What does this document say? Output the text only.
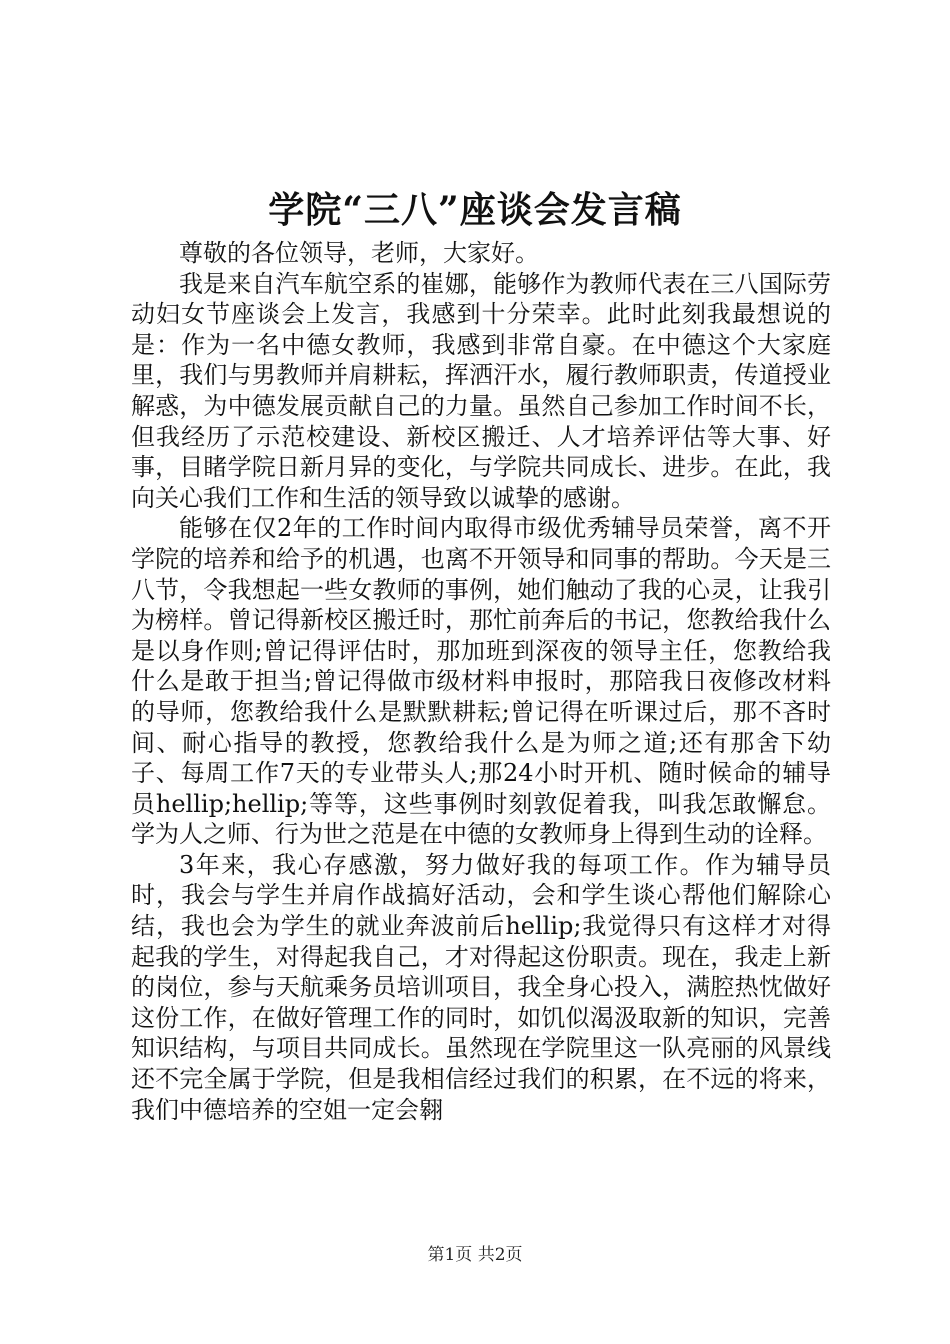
学院“三八”座谈会发言稿

尊敬的各位领导，老师，大家好。

我是来自汽车航空系的崔娜，能够作为教师代表在三八国际劳动妇女节座谈会上发言，我感到十分荣幸。此时此刻我最想说的是：作为一名中德女教师，我感到非常自豪。在中德这个大家庭里，我们与男教师并肩耕耘，挥洒汗水，履行教师职责，传道授业解惑，为中德发展贡献自己的力量。虽然自己参加工作时间不长，但我经历了示范校建设、新校区搬迁、人才培养评估等大事、好事，目睹学院日新月异的变化，与学院共同成长、进步。在此，我向关心我们工作和生活的领导致以诚挚的感谢。

能够在仅2年的工作时间内取得市级优秀辅导员荣誉，离不开学院的培养和给予的机遇，也离不开领导和同事的帮助。今天是三八节，令我想起一些女教师的事例，她们触动了我的心灵，让我引为榜样。曾记得新校区搬迁时，那忙前奔后的书记，您教给我什么是以身作则;曾记得评估时，那加班到深夜的领导主任，您教给我什么是敢于担当;曾记得做市级材料申报时，那陪我日夜修改材料的导师，您教给我什么是默默耕耘;曾记得在听课过后，那不吝时间、耐心指导的教授，您教给我什么是为师之道;还有那舍下幼子、每周工作7天的专业带头人;那24小时开机、随时候命的辅导员hellip;hellip;等等，这些事例时刻敦促着我，叫我怎敢懈怠。学为人之师、行为世之范是在中德的女教师身上得到生动的诠释。

3年来，我心存感激，努力做好我的每项工作。作为辅导员时，我会与学生并肩作战搞好活动，会和学生谈心帮他们解除心结，我也会为学生的就业奔波前后hellip;我觉得只有这样才对得起我的学生，对得起我自己，才对得起这份职责。现在，我走上新的岗位，参与天航乘务员培训项目，我全身心投入，满腔热忱做好这份工作，在做好管理工作的同时，如饥似渴汲取新的知识，完善知识结构，与项目共同成长。虽然现在学院里这一队亮丽的风景线还不完全属于学院，但是我相信经过我们的积累，在不远的将来，我们中德培养的空姐一定会翱

第1页 共2页
